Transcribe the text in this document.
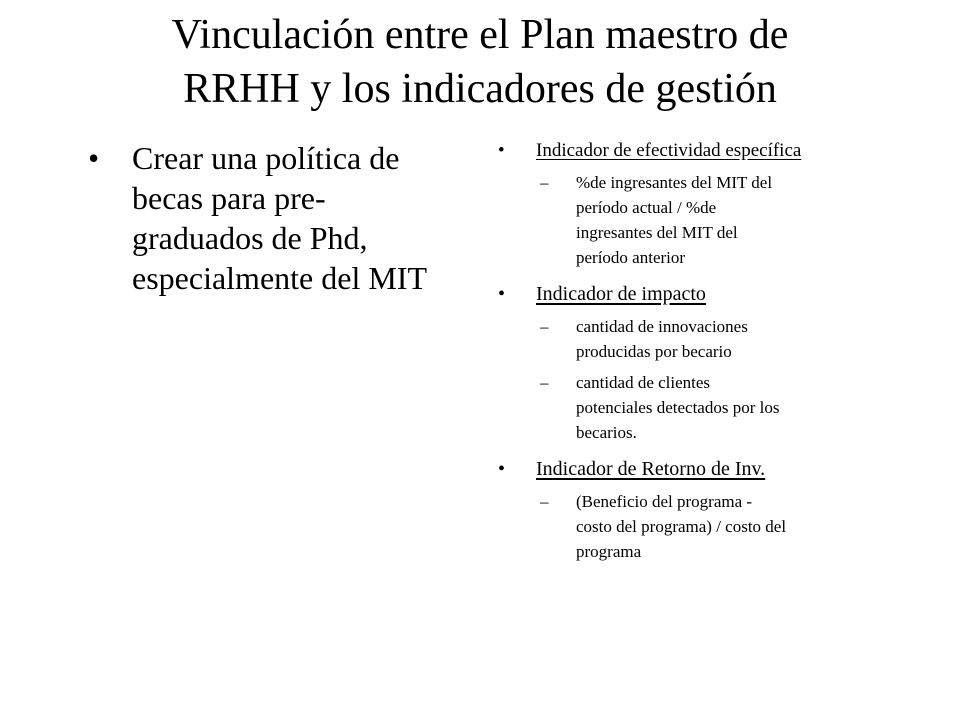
Vinculación entre el Plan maestro de
RRHH y los indicadores de gestión
• Crear una política de
becas para pre-
graduados de Phd,
especialmente del MIT
• Indicador de efectividad específica
– %de ingresantes del MIT del
período actual / %de
ingresantes del MIT del
período anterior
• Indicador de impacto
– cantidad de innovaciones
producidas por becario
– cantidad de clientes
potenciales detectados por los
becarios.
• Indicador de Retorno de Inv.
– (Beneficio del programa -
costo del programa) / costo del
programa
